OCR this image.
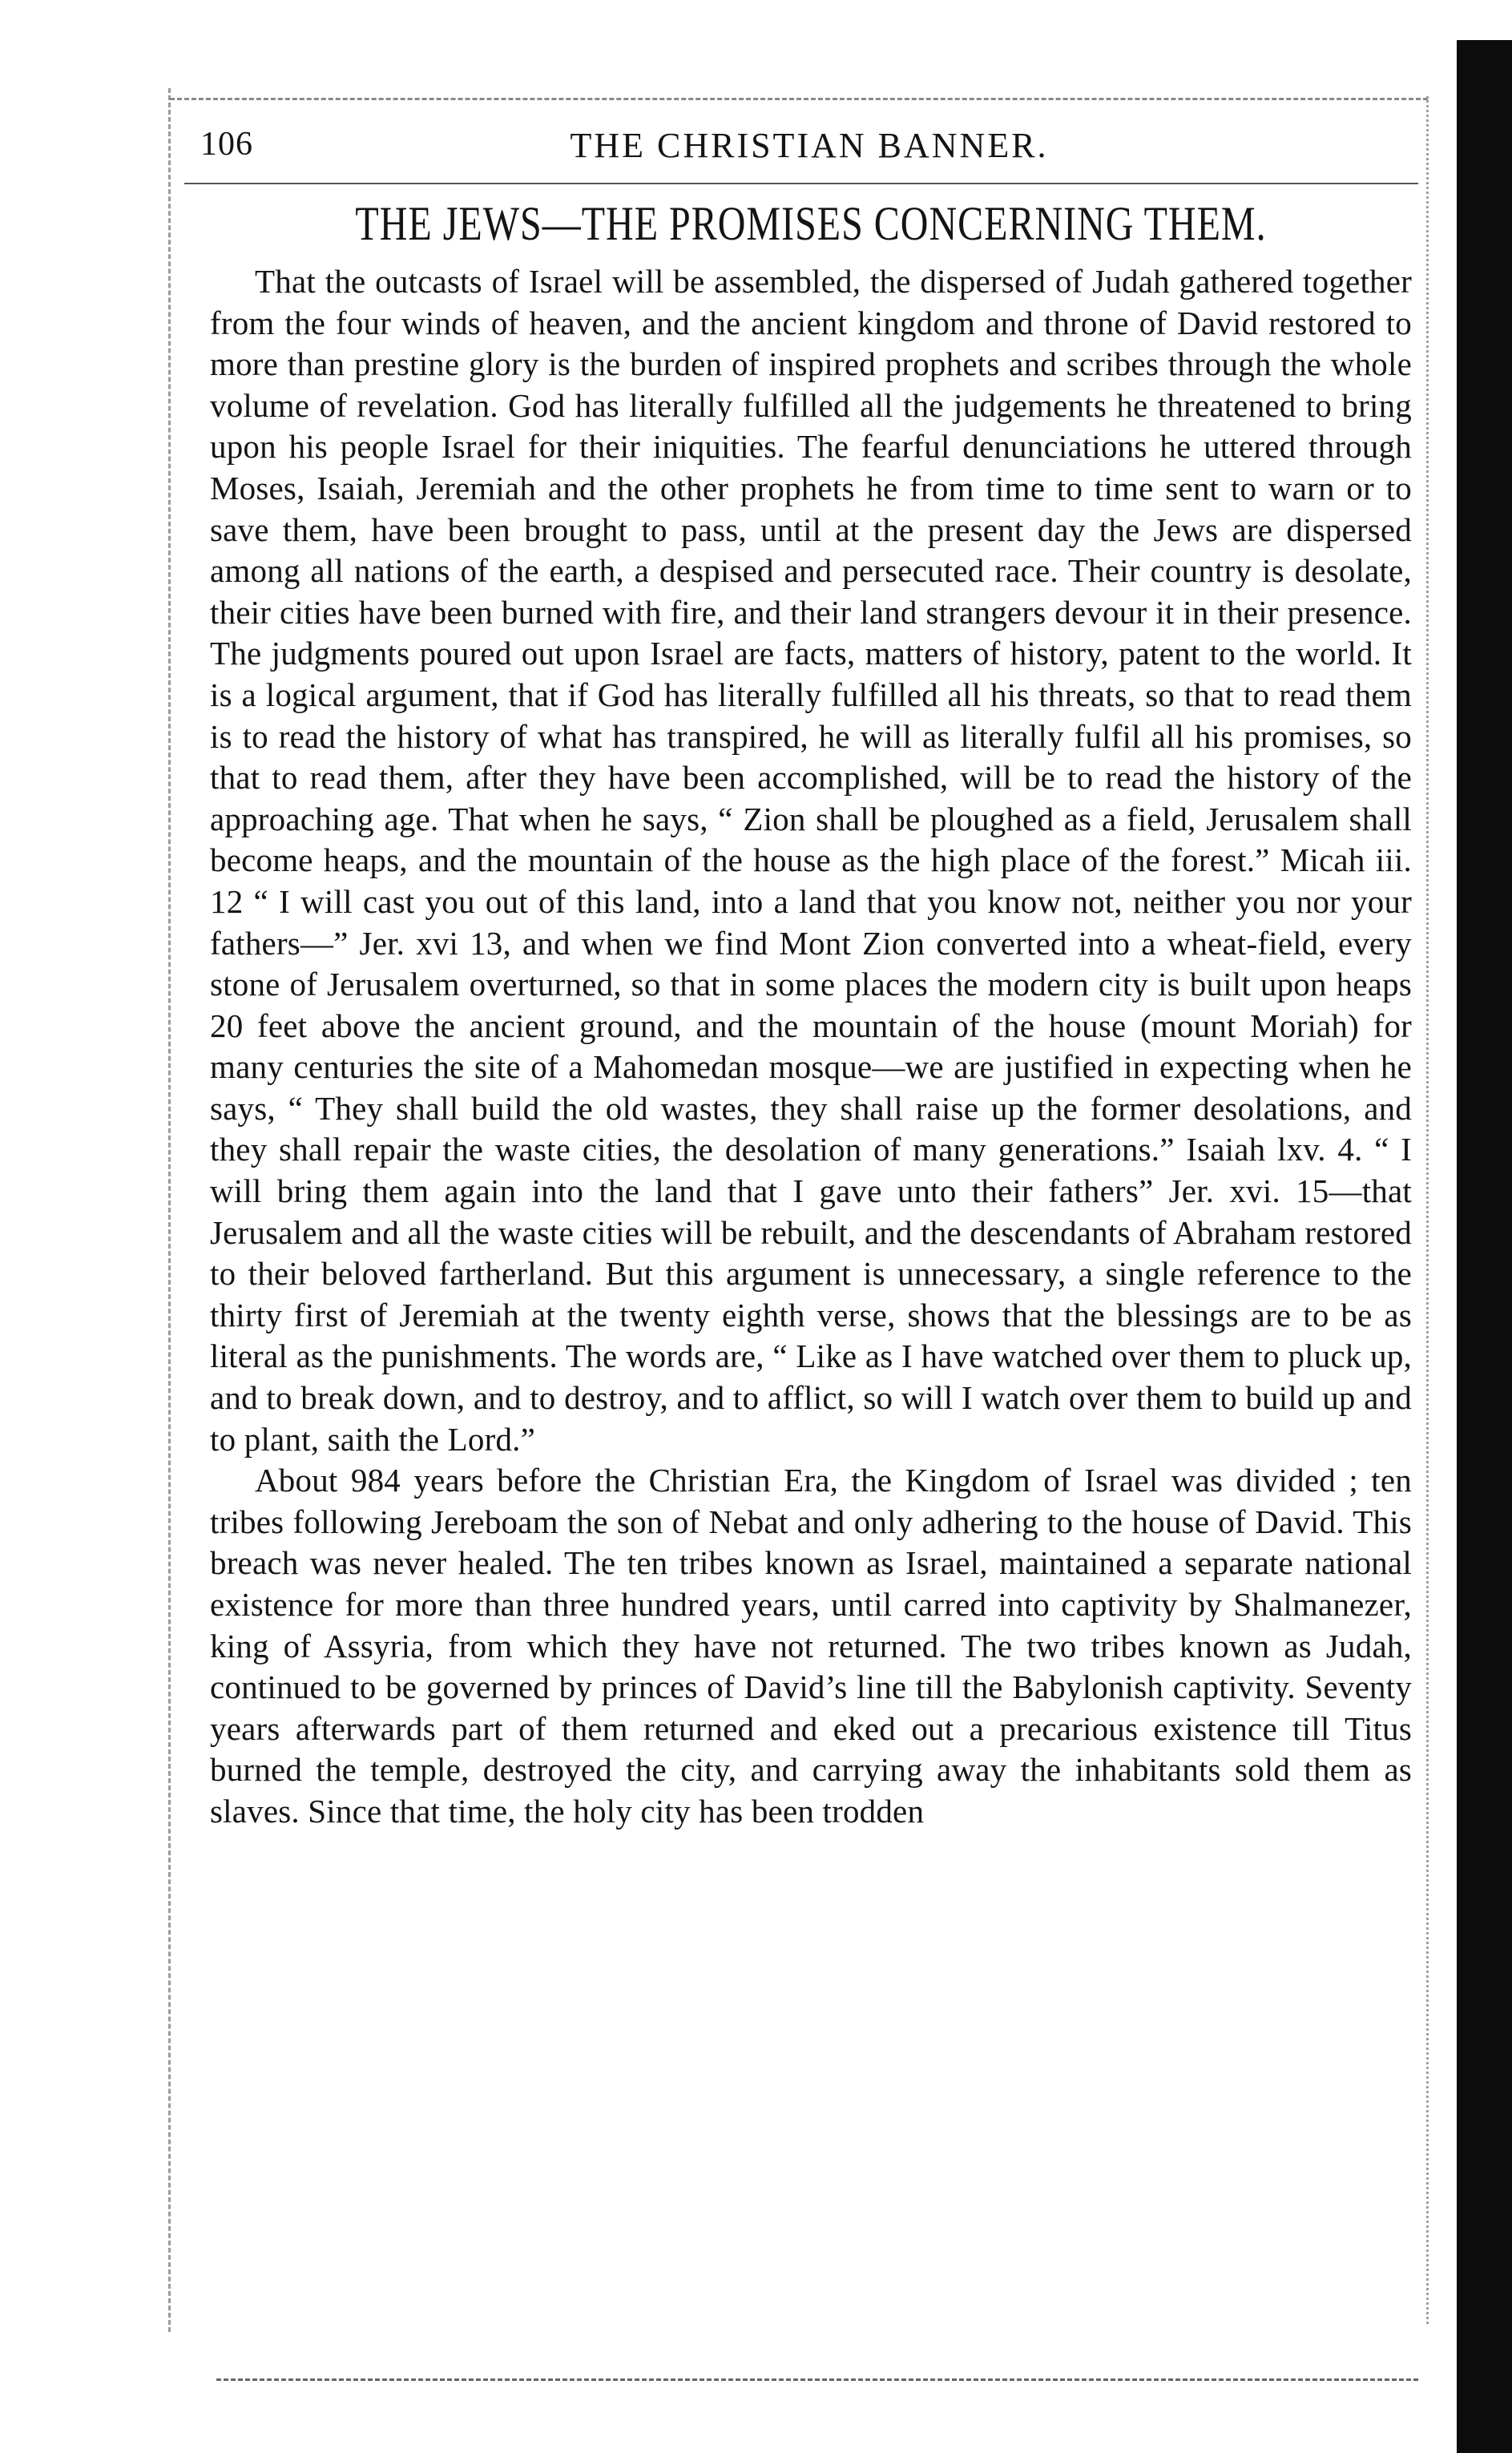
106	THE CHRISTIAN BANNER.
THE JEWS—THE PROMISES CONCERNING THEM.

That the outcasts of Israel will be assembled, the dispersed of Judah gathered together from the four winds of heaven, and the ancient kingdom and throne of David restored to more than prestine glory is the burden of inspired prophets and scribes through the whole volume of revelation. God has literally fulfilled all the judgements he threatened to bring upon his people Israel for their iniquities. The fearful denunciations he uttered through Moses, Isaiah, Jeremiah and the other prophets he from time to time sent to warn or to save them, have been brought to pass, until at the present day the Jews are dispersed among all nations of the earth, a despised and persecuted race. Their country is desolate, their cities have been burned with fire, and their land strangers devour it in their presence. The judgments poured out upon Israel are facts, matters of history, patent to the world. It is a logical argument, that if God has literally fulfilled all his threats, so that to read them is to read the history of what has transpired, he will as literally fulfil all his promises, so that to read them, after they have been accomplished, will be to read the history of the approaching age. That when he says, “ Zion shall be ploughed as a field, Jerusalem shall become heaps, and the mountain of the house as the high place of the forest.” Micah iii. 12 “ I will cast you out of this land, into a land that you know not, neither you nor your fathers—” Jer. xvi 13, and when we find Mont Zion converted into a wheat-field, every stone of Jerusalem overturned, so that in some places the modern city is built upon heaps 20 feet above the ancient ground, and the mountain of the house (mount Moriah) for many centuries the site of a Mahomedan mosque—we are justified in expecting when he says, “ They shall build the old wastes, they shall raise up the former desolations, and they shall repair the waste cities, the desolation of many generations.” Isaiah lxv. 4. “ I will bring them again into the land that I gave unto their fathers” Jer. xvi. 15—that Jerusalem and all the waste cities will be rebuilt, and the descendants of Abraham restored to their beloved fartherland. But this argument is unnecessary, a single reference to the thirty first of Jeremiah at the twenty eighth verse, shows that the blessings are to be as literal as the punishments. The words are, “ Like as I have watched over them to pluck up, and to break down, and to destroy, and to afflict, so will I watch over them to build up and to plant, saith the Lord.”

About 984 years before the Christian Era, the Kingdom of Israel was divided ; ten tribes following Jereboam the son of Nebat and only adhering to the house of David. This breach was never healed. The ten tribes known as Israel, maintained a separate national existence for more than three hundred years, until carred into captivity by Shalmanezer, king of Assyria, from which they have not returned. The two tribes known as Judah, continued to be governed by princes of David’s line till the Babylonish captivity. Seventy years afterwards part of them returned and eked out a precarious existence till Titus burned the temple, destroyed the city, and carrying away the inhabitants sold them as slaves. Since that time, the holy city has been trodden
